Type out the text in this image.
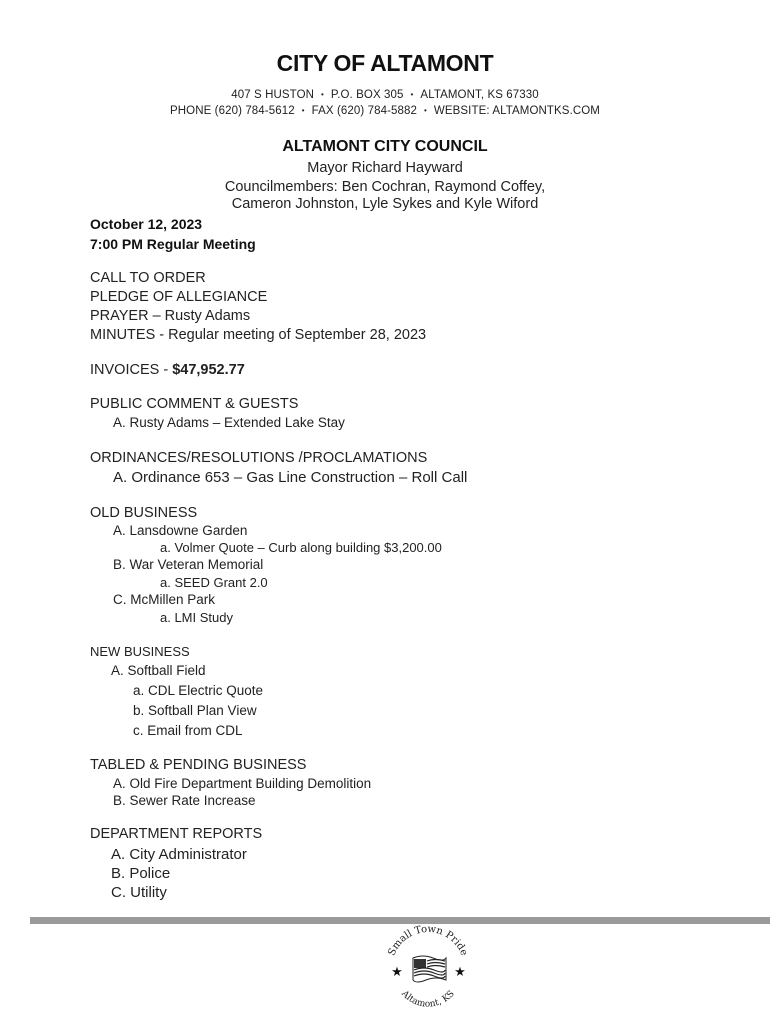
CITY OF ALTAMONT
407 S HUSTON • P.O. BOX 305 • ALTAMONT, KS 67330
PHONE (620) 784-5612 • FAX (620) 784-5882 • WEBSITE: ALTAMONTKS.COM
ALTAMONT CITY COUNCIL
Mayor Richard Hayward
Councilmembers: Ben Cochran, Raymond Coffey,
Cameron Johnston, Lyle Sykes and Kyle Wiford
October 12, 2023
7:00 PM Regular Meeting
CALL TO ORDER
PLEDGE OF ALLEGIANCE
PRAYER – Rusty Adams
MINUTES - Regular meeting of September 28, 2023
INVOICES - $47,952.77
PUBLIC COMMENT & GUESTS
A. Rusty Adams – Extended Lake Stay
ORDINANCES/RESOLUTIONS /PROCLAMATIONS
A. Ordinance 653 – Gas Line Construction – Roll Call
OLD BUSINESS
A. Lansdowne Garden
a. Volmer Quote – Curb along building $3,200.00
B. War Veteran Memorial
a. SEED Grant 2.0
C. McMillen Park
a. LMI Study
NEW BUSINESS
A. Softball Field
a. CDL Electric Quote
b. Softball Plan View
c. Email from CDL
TABLED & PENDING BUSINESS
A. Old Fire Department Building Demolition
B. Sewer Rate Increase
DEPARTMENT REPORTS
A. City Administrator
B. Police
C. Utility
Small Town Pride
★	★
Altamont, KS
